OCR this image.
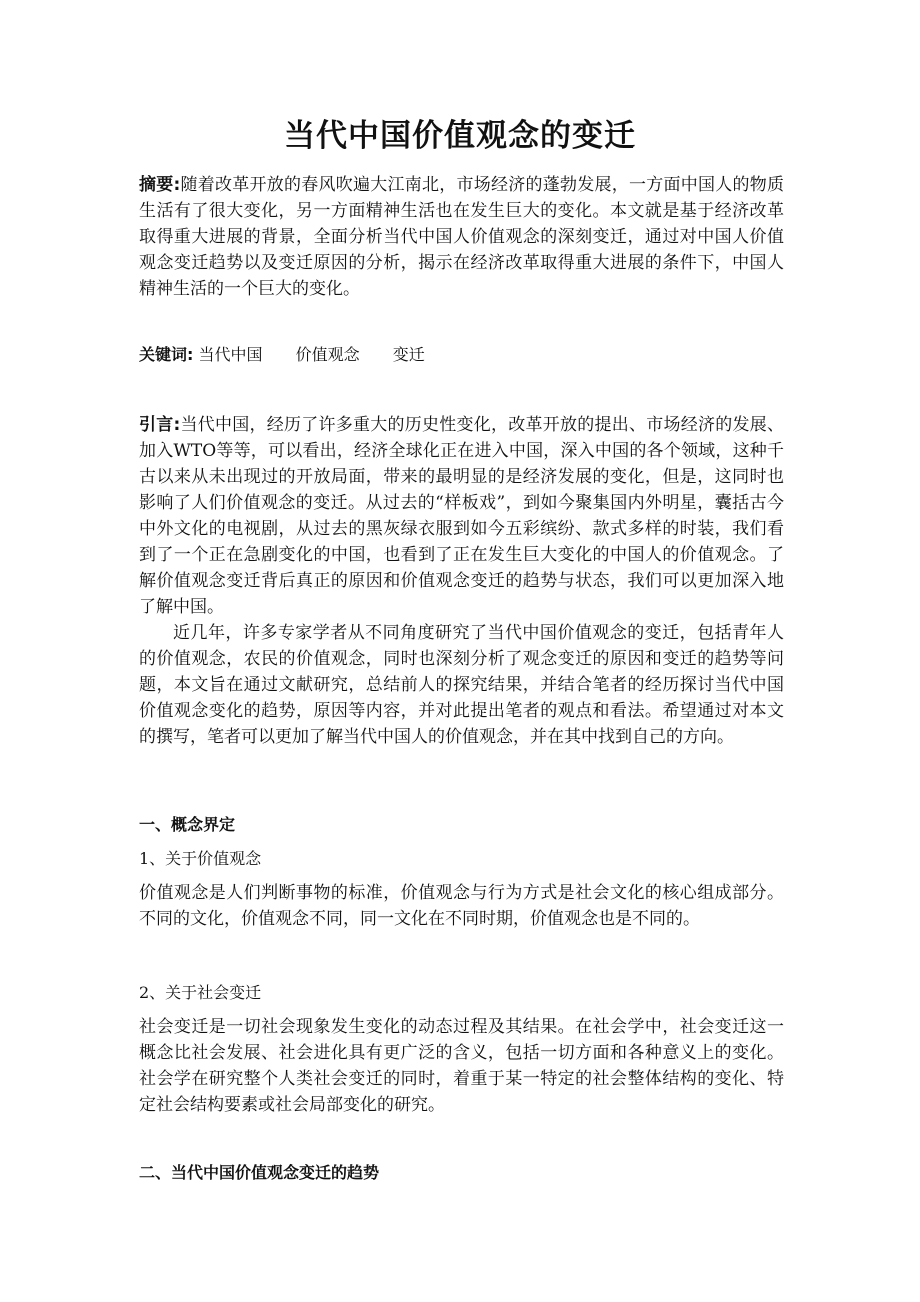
当代中国价值观念的变迁
摘要:随着改革开放的春风吹遍大江南北，市场经济的蓬勃发展，一方面中国人的物质生活有了很大变化，另一方面精神生活也在发生巨大的变化。本文就是基于经济改革取得重大进展的背景，全面分析当代中国人价值观念的深刻变迁，通过对中国人价值观念变迁趋势以及变迁原因的分析，揭示在经济改革取得重大进展的条件下，中国人精神生活的一个巨大的变化。
关键词: 当代中国 价值观念 变迁
引言:当代中国，经历了许多重大的历史性变化，改革开放的提出、市场经济的发展、加入WTO等等，可以看出，经济全球化正在进入中国，深入中国的各个领域，这种千古以来从未出现过的开放局面，带来的最明显的是经济发展的变化，但是，这同时也影响了人们价值观念的变迁。从过去的“样板戏”，到如今聚集国内外明星，囊括古今中外文化的电视剧，从过去的黑灰绿衣服到如今五彩缤纷、款式多样的时装，我们看到了一个正在急剧变化的中国，也看到了正在发生巨大变化的中国人的价值观念。了解价值观念变迁背后真正的原因和价值观念变迁的趋势与状态，我们可以更加深入地了解中国。
近几年，许多专家学者从不同角度研究了当代中国价值观念的变迁，包括青年人的价值观念，农民的价值观念，同时也深刻分析了观念变迁的原因和变迁的趋势等问题，本文旨在通过文献研究，总结前人的探究结果，并结合笔者的经历探讨当代中国价值观念变化的趋势，原因等内容，并对此提出笔者的观点和看法。希望通过对本文的撰写，笔者可以更加了解当代中国人的价值观念，并在其中找到自己的方向。
一、概念界定
1、关于价值观念
价值观念是人们判断事物的标准，价值观念与行为方式是社会文化的核心组成部分。不同的文化，价值观念不同，同一文化在不同时期，价值观念也是不同的。
2、关于社会变迁
社会变迁是一切社会现象发生变化的动态过程及其结果。在社会学中，社会变迁这一概念比社会发展、社会进化具有更广泛的含义，包括一切方面和各种意义上的变化。社会学在研究整个人类社会变迁的同时，着重于某一特定的社会整体结构的变化、特定社会结构要素或社会局部变化的研究。
二、当代中国价值观念变迁的趋势
